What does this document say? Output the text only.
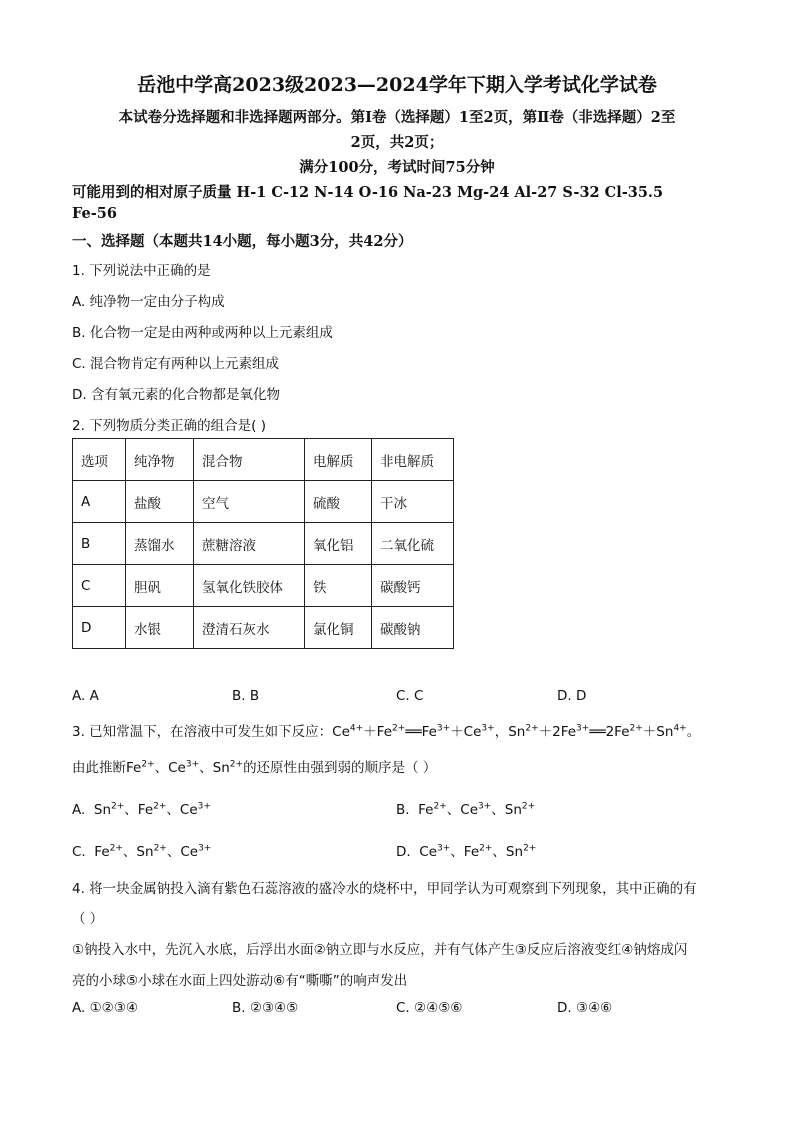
岳池中学高2023级2023—2024学年下期入学考试化学试卷
本试卷分选择题和非选择题两部分。第Ⅰ卷（选择题）1至2页，第Ⅱ卷（非选择题）2至
2页，共2页；
满分100分，考试时间75分钟
可能用到的相对原子质量 H-1 C-12 N-14 O-16 Na-23 Mg-24 Al-27 S-32 Cl-35.5
Fe-56
一、选择题（本题共14小题，每小题3分，共42分）
1. 下列说法中正确的是
A. 纯净物一定由分子构成
B. 化合物一定是由两种或两种以上元素组成
C. 混合物肯定有两种以上元素组成
D. 含有氧元素的化合物都是氧化物
2. 下列物质分类正确的组合是( )
选项	纯净物	混合物	电解质	非电解质
A	盐酸	空气	硫酸	干冰
B	蒸馏水	蔗糖溶液	氧化铝	二氧化硫
C	胆矾	氢氧化铁胶体	铁	碳酸钙
D	水银	澄清石灰水	氯化铜	碳酸钠
A. A	B. B	C. C	D. D
3. 已知常温下，在溶液中可发生如下反应：$Ce^{4+}+Fe^{2+}══Fe^{3+}+Ce^{3+}$，$Sn^{2+}+2Fe^{3+}══2Fe^{2+}+Sn^{4+}$。
由此推断$Fe^{2+}$、$Ce^{3+}$、$Sn^{2+}$的还原性由强到弱的顺序是（ ）
A.  $Sn^{2+}$、$Fe^{2+}$、$Ce^{3+}$	B.  $Fe^{2+}$、$Ce^{3+}$、$Sn^{2+}$
C.  $Fe^{2+}$、$Sn^{2+}$、$Ce^{3+}$	D.  $Ce^{3+}$、$Fe^{2+}$、$Sn^{2+}$
4. 将一块金属钠投入滴有紫色石蕊溶液的盛冷水的烧杯中，甲同学认为可观察到下列现象，其中正确的有
（ ）
①钠投入水中，先沉入水底，后浮出水面②钠立即与水反应，并有气体产生③反应后溶液变红④钠熔成闪
亮的小球⑤小球在水面上四处游动⑥有“嘶嘶”的响声发出
A. ①②③④	B. ②③④⑤	C. ②④⑤⑥	D. ③④⑥
